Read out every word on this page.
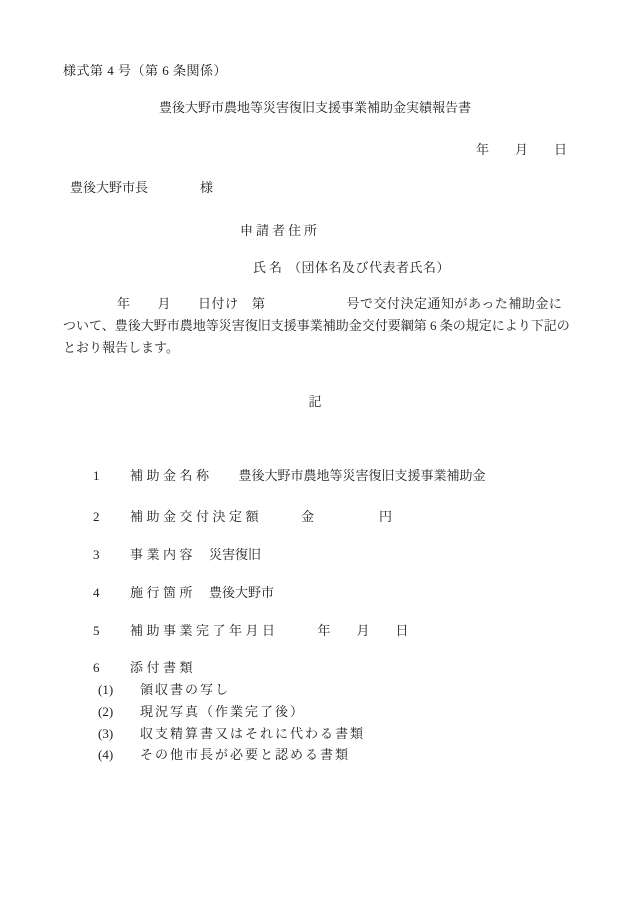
様式第 4 号（第 6 条関係）
豊後大野市農地等災害復旧支援事業補助金実績報告書
年　　月　　日
豊後大野市長　　　　様
申請者住所

氏名 （団体名及び代表者氏名）

　　　　年　　月　　日付け　第　　　　　　号で交付決定通知があった補助金に
ついて、豊後大野市農地等災害復旧支援事業補助金交付要綱第 6 条の規定により下記の
とおり報告します。
記

1 補助金名称　　豊後大野市農地等災害復旧支援事業補助金

2 補助金交付決定額　　　金　　　　　円

3 事業内容　災害復旧

4 施行箇所　豊後大野市

5 補助事業完了年月日　　　年　　月　　日

6 添付書類

(1) 領収書の写し

(2) 現況写真（作業完了後）

(3) 収支精算書又はそれに代わる書類

(4) その他市長が必要と認める書類
